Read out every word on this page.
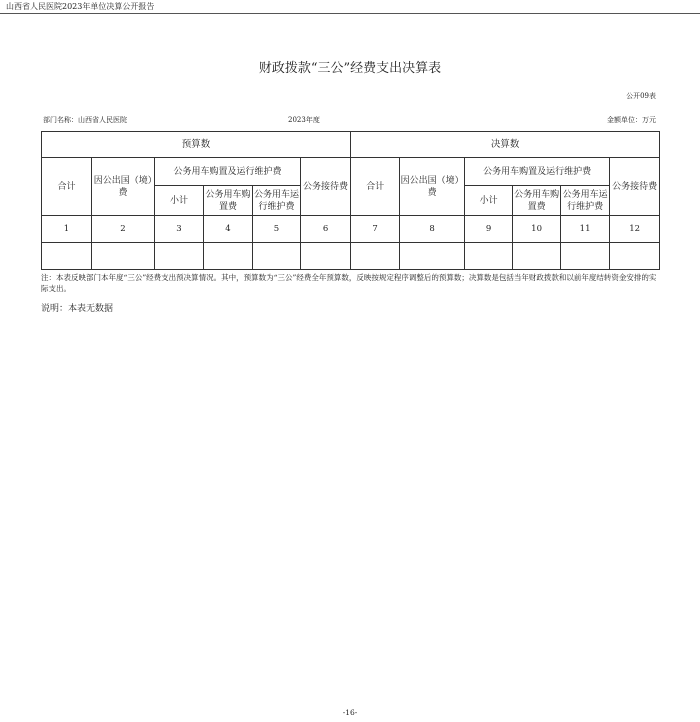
山西省人民医院2023年单位决算公开报告
财政拨款“三公”经费支出决算表
公开09表
部门名称：山西省人民医院	2023年度	金额单位：万元
预算数						决算数					
合计	因公出国（境）费	公务用车购置及运行维护费			公务接待费	合计	因公出国（境）费	公务用车购置及运行维护费			公务接待费
		小计	公务用车购置费	公务用车运行维护费				小计	公务用车购置费	公务用车运行维护费	
1	2	3	4	5	6	7	8	9	10	11	12

注：本表反映部门本年度“三公”经费支出预决算情况。其中，预算数为“三公”经费全年预算数，反映按规定程序调整后的预算数；决算数是包括当年财政拨款和以前年度结转资金安排的实际支出。
说明：本表无数据
-16-
